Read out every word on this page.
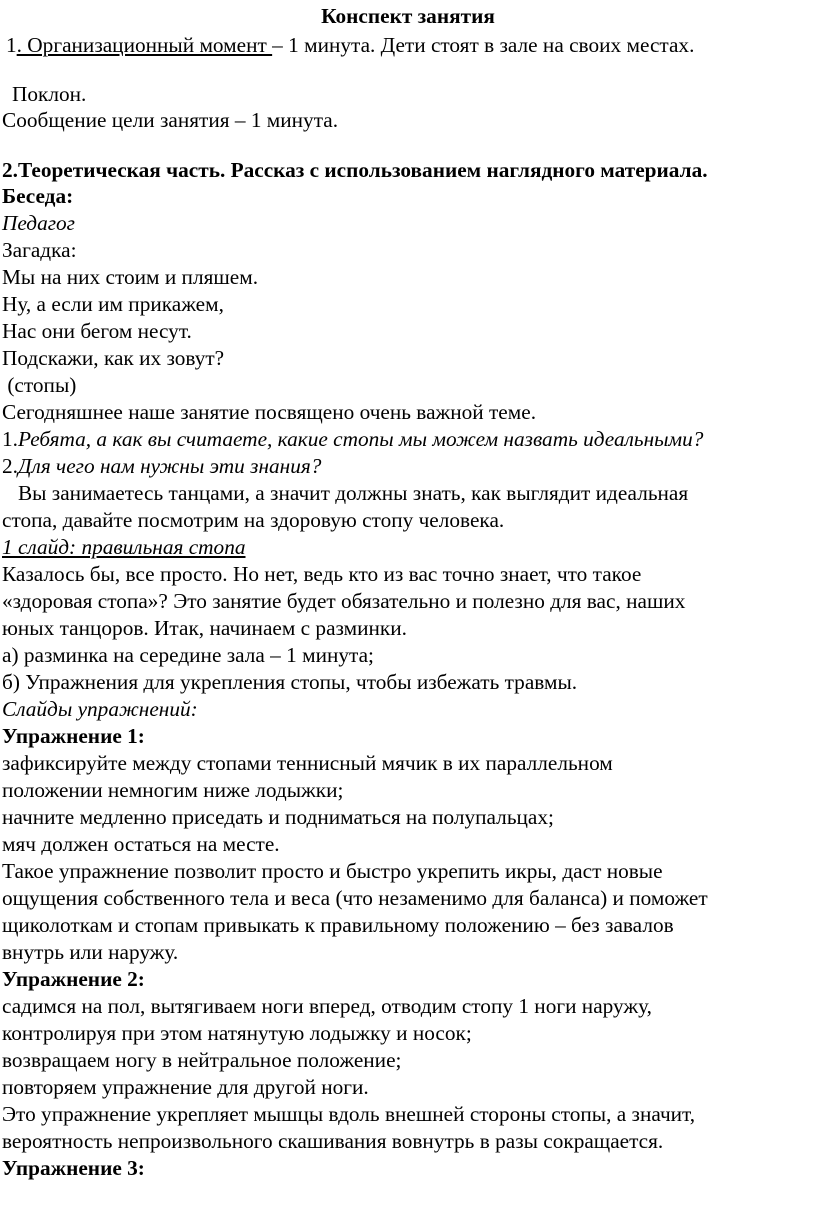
Конспект занятия
1. Организационный момент – 1 минута. Дети стоят в зале на своих местах.
Поклон.
Сообщение цели занятия – 1 минута.
2.Теоретическая часть. Рассказ с использованием наглядного материала.
Беседа:
Педагог
Загадка:
Мы на них стоим и пляшем.
Ну, а если им прикажем,
Нас они бегом несут.
Подскажи, как их зовут?
(стопы)
Сегодняшнее наше занятие посвящено очень важной теме.
1.Ребята, а как вы считаете, какие стопы мы можем назвать идеальными?
2.Для чего нам нужны эти знания?
Вы занимаетесь танцами, а значит должны знать, как выглядит идеальная
стопа, давайте посмотрим на здоровую стопу человека.
1 слайд: правильная стопа
Казалось бы, все просто. Но нет, ведь кто из вас точно знает, что такое
«здоровая стопа»? Это занятие будет обязательно и полезно для вас, наших
юных танцоров. Итак, начинаем с разминки.
а) разминка на середине зала – 1 минута;
б) Упражнения для укрепления стопы, чтобы избежать травмы.
Слайды упражнений:
Упражнение 1:
зафиксируйте между стопами теннисный мячик в их параллельном
положении немногим ниже лодыжки;
начните медленно приседать и подниматься на полупальцах;
мяч должен остаться на месте.
Такое упражнение позволит просто и быстро укрепить икры, даст новые
ощущения собственного тела и веса (что незаменимо для баланса) и поможет
щиколоткам и стопам привыкать к правильному положению – без завалов
внутрь или наружу.
Упражнение 2:
садимся на пол, вытягиваем ноги вперед, отводим стопу 1 ноги наружу,
контролируя при этом натянутую лодыжку и носок;
возвращаем ногу в нейтральное положение;
повторяем упражнение для другой ноги.
Это упражнение укрепляет мышцы вдоль внешней стороны стопы, а значит,
вероятность непроизвольного скашивания вовнутрь в разы сокращается.
Упражнение 3:
